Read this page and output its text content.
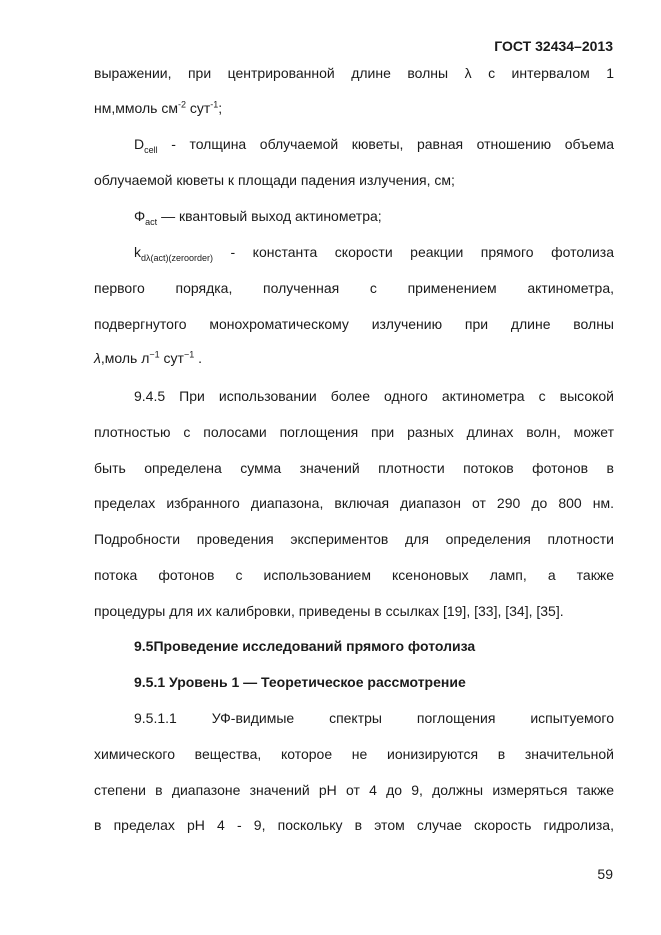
ГОСТ 32434–2013
выражении, при центрированной длине волны λ с интервалом 1
нм,ммоль $см^{-2}$ сут$^{-1}$;
$D_{cell}$ - толщина облучаемой кюветы, равная отношению объема
облучаемой кюветы к площади падения излучения, см;
$\Phi_{act}$ — квантовый выход актинометра;
$k_{d\lambda(act)(zeroorder)}$ - константа скорости реакции прямого фотолиза
первого порядка, полученная с применением актинометра,
подвергнутого монохроматическому излучению при длине волны
λ,моль $л^{-1}$ сут$^{-1}$ .
9.4.5 При использовании более одного актинометра с высокой
плотностью с полосами поглощения при разных длинах волн, может
быть определена сумма значений плотности потоков фотонов в
пределах избранного диапазона, включая диапазон от 290 до 800 нм.
Подробности проведения экспериментов для определения плотности
потока фотонов с использованием ксеноновых ламп, а также
процедуры для их калибровки, приведены в ссылках [19], [33], [34], [35].
9.5Проведение исследований прямого фотолиза
9.5.1 Уровень 1 — Теоретическое рассмотрение
9.5.1.1 УФ-видимые спектры поглощения испытуемого
химического вещества, которое не ионизируются в значительной
степени в диапазоне значений рН от 4 до 9, должны измеряться также
в пределах рН 4 - 9, поскольку в этом случае скорость гидролиза,
59
